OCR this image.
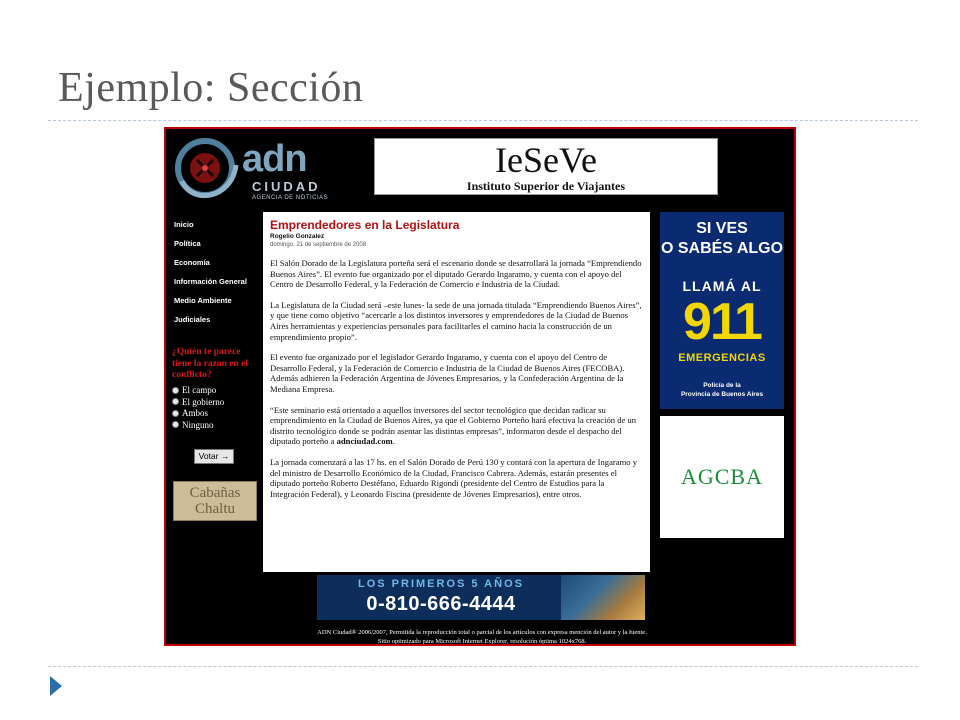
Ejemplo: Sección
adn
CIUDAD
AGENCIA DE NOTICIAS
IeSeVe
Instituto Superior de Viajantes
Inicio
Política
Economía
Información General
Medio Ambiente
Judiciales
¿Quién te parece tiene la razon en el conflicto?
El campo
El gobierno
Ambos
Ninguno
Votar →
Cabañas
Chaltu
Emprendedores en la Legislatura
Rogelio Gonzalez
domingo, 21 de septiembre de 2008

El Salón Dorado de la Legislatura porteña será el escenario donde se desarrollará la jornada “Emprendiendo Buenos Aires”. El evento fue organizado por el diputado Gerardo Ingaramo, y cuenta con el apoyo del Centro de Desarrollo Federal, y la Federación de Comercio e Industria de la Ciudad.

La Legislatura de la Ciudad será –este lunes- la sede de una jornada titulada “Emprendiendo Buenos Aires”, y que tiene como objetivo “acercarle a los distintos inversores y emprendedores de la Ciudad de Buenos Aires herramientas y experiencias personales para facilitarles el camino hacia la construcción de un emprendimiento propio”.

El evento fue organizado por el legislador Gerardo Ingaramo, y cuenta con el apoyo del Centro de Desarrollo Federal, y la Federación de Comercio e Industria de la Ciudad de Buenos Aires (FECOBA). Además adhieren la Federación Argentina de Jóvenes Empresarios, y la Confederación Argentina de la Mediana Empresa.

“Este seminario está orientado a aquellos inversores del sector tecnológico que decidan radicar su emprendimiento en la Ciudad de Buenos Aires, ya que el Gobierno Porteño hará efectiva la creación de un distrito tecnológico donde se podrán asentar las distintas empresas”, informaron desde el despacho del diputado porteño a adnciudad.com.

La jornada comenzará a las 17 hs. en el Salón Dorado de Perú 130 y contará con la apertura de Ingaramo y del ministro de Desarrollo Económico de la Ciudad, Francisco Cabrera. Además, estarán presentes el diputado porteño Roberto Destéfano, Eduardo Rigondi (presidente del Centro de Estudios para la Integración Federal), y Leonardo Fiscina (presidente de Jóvenes Empresarios), entre otros.

SI VES
O SABÉS ALGO
LLAMÁ AL
911
EMERGENCIAS
Policía de la
Provincia de Buenos Aires
AGCBA
LOS PRIMEROS 5 AÑOS
0-810-666-4444
ADN Ciudad® 2006/2007, Permitida la reproducción total o parcial de los artículos con expresa mención del autor y la fuente.
Sitio optimizado para Microsoft Internet Explorer, resolución óptima 1024x768.
